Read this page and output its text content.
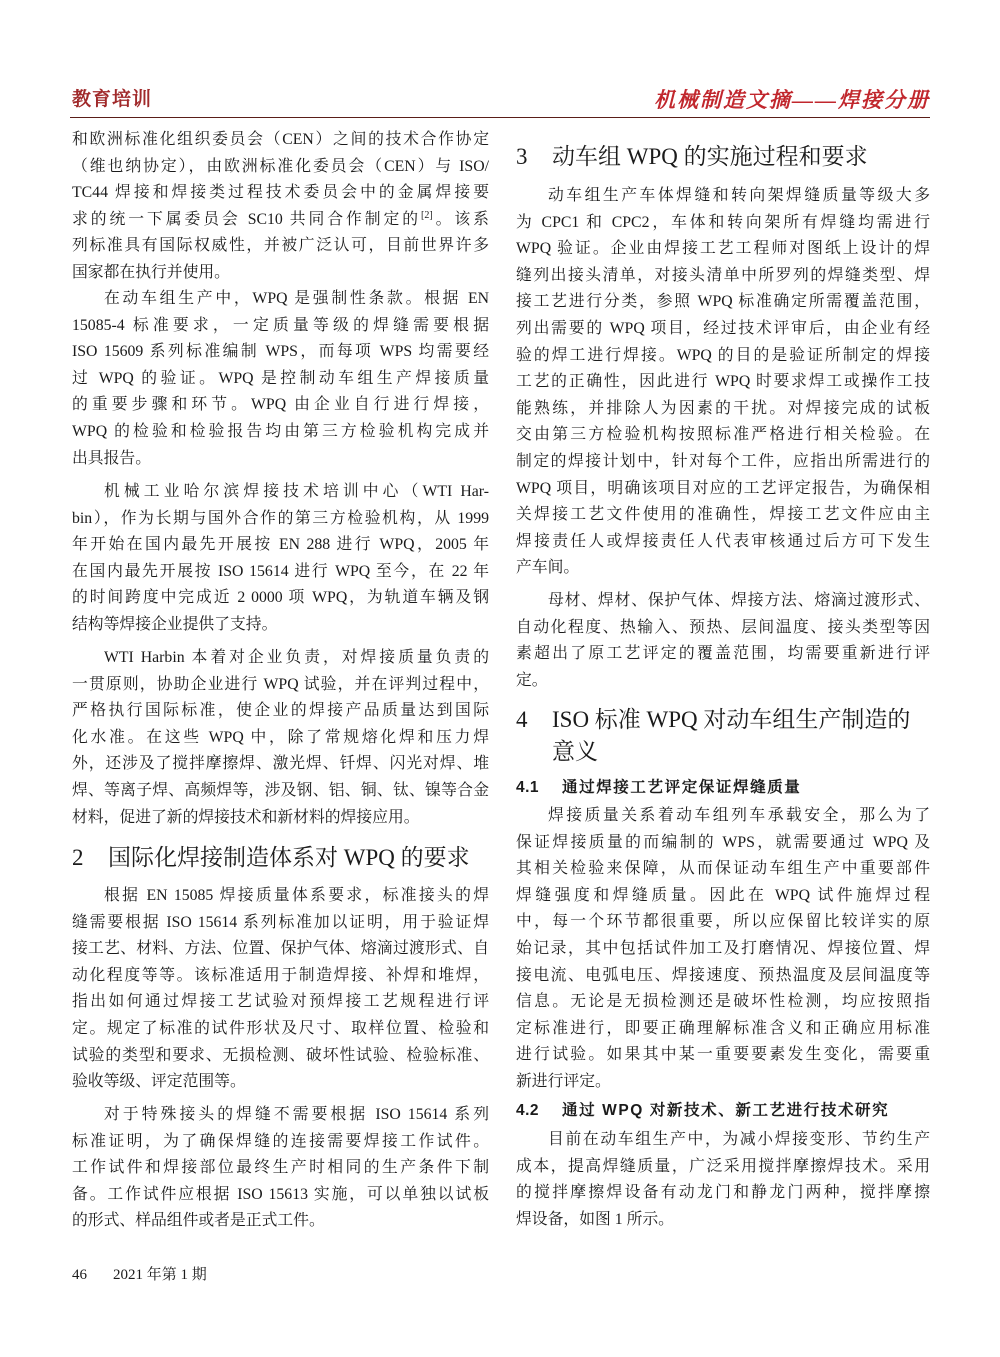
教育培训	机械制造文摘——焊接分册
和欧洲标准化组织委员会（CEN）之间的技术合作协定
（维也纳协定），由欧洲标准化委员会（CEN）与 ISO/
TC44 焊接和焊接类过程技术委员会中的金属焊接要
求的统一下属委员会 SC10 共同合作制定的[2]。该系
列标准具有国际权威性，并被广泛认可，目前世界许多
国家都在执行并使用。
在动车组生产中，WPQ 是强制性条款。根据 EN
15085-4 标准要求，一定质量等级的焊缝需要根据
ISO 15609 系列标准编制 WPS，而每项 WPS 均需要经
过 WPQ 的验证。WPQ 是控制动车组生产焊接质量
的重要步骤和环节。WPQ 由企业自行进行焊接，
WPQ 的检验和检验报告均由第三方检验机构完成并
出具报告。
机械工业哈尔滨焊接技术培训中心（WTI Har-
bin），作为长期与国外合作的第三方检验机构，从 1999
年开始在国内最先开展按 EN 288 进行 WPQ，2005 年
在国内最先开展按 ISO 15614 进行 WPQ 至今，在 22 年
的时间跨度中完成近 2 0000 项 WPQ，为轨道车辆及钢
结构等焊接企业提供了支持。
WTI Harbin 本着对企业负责，对焊接质量负责的
一贯原则，协助企业进行 WPQ 试验，并在评判过程中，
严格执行国际标准，使企业的焊接产品质量达到国际
化水准。在这些 WPQ 中，除了常规熔化焊和压力焊
外，还涉及了搅拌摩擦焊、激光焊、钎焊、闪光对焊、堆
焊、等离子焊、高频焊等，涉及钢、铝、铜、钛、镍等合金
材料，促进了新的焊接技术和新材料的焊接应用。
2	国际化焊接制造体系对 WPQ 的要求
根据 EN 15085 焊接质量体系要求，标准接头的焊
缝需要根据 ISO 15614 系列标准加以证明，用于验证焊
接工艺、材料、方法、位置、保护气体、熔滴过渡形式、自
动化程度等等。该标准适用于制造焊接、补焊和堆焊，
指出如何通过焊接工艺试验对预焊接工艺规程进行评
定。规定了标准的试件形状及尺寸、取样位置、检验和
试验的类型和要求、无损检测、破坏性试验、检验标准、
验收等级、评定范围等。
对于特殊接头的焊缝不需要根据 ISO 15614 系列
标准证明，为了确保焊缝的连接需要焊接工作试件。
工作试件和焊接部位最终生产时相同的生产条件下制
备。工作试件应根据 ISO 15613 实施，可以单独以试板
的形式、样品组件或者是正式工件。
3	动车组 WPQ 的实施过程和要求
动车组生产车体焊缝和转向架焊缝质量等级大多
为 CPC1 和 CPC2，车体和转向架所有焊缝均需进行
WPQ 验证。企业由焊接工艺工程师对图纸上设计的焊
缝列出接头清单，对接头清单中所罗列的焊缝类型、焊
接工艺进行分类，参照 WPQ 标准确定所需覆盖范围，
列出需要的 WPQ 项目，经过技术评审后，由企业有经
验的焊工进行焊接。WPQ 的目的是验证所制定的焊接
工艺的正确性，因此进行 WPQ 时要求焊工或操作工技
能熟练，并排除人为因素的干扰。对焊接完成的试板
交由第三方检验机构按照标准严格进行相关检验。在
制定的焊接计划中，针对每个工件，应指出所需进行的
WPQ 项目，明确该项目对应的工艺评定报告，为确保相
关焊接工艺文件使用的准确性，焊接工艺文件应由主
焊接责任人或焊接责任人代表审核通过后方可下发生
产车间。
母材、焊材、保护气体、焊接方法、熔滴过渡形式、
自动化程度、热输入、预热、层间温度、接头类型等因
素超出了原工艺评定的覆盖范围，均需要重新进行评
定。
4	ISO 标准 WPQ 对动车组生产制造的
意义
4.1	通过焊接工艺评定保证焊缝质量
焊接质量关系着动车组列车承载安全，那么为了
保证焊接质量的而编制的 WPS，就需要通过 WPQ 及
其相关检验来保障，从而保证动车组生产中重要部件
焊缝强度和焊缝质量。因此在 WPQ 试件施焊过程
中，每一个环节都很重要，所以应保留比较详实的原
始记录，其中包括试件加工及打磨情况、焊接位置、焊
接电流、电弧电压、焊接速度、预热温度及层间温度等
信息。无论是无损检测还是破坏性检测，均应按照指
定标准进行，即要正确理解标准含义和正确应用标准
进行试验。如果其中某一重要要素发生变化，需要重
新进行评定。
4.2	通过 WPQ 对新技术、新工艺进行技术研究
目前在动车组生产中，为减小焊接变形、节约生产
成本，提高焊缝质量，广泛采用搅拌摩擦焊技术。采用
的搅拌摩擦焊设备有动龙门和静龙门两种，搅拌摩擦
焊设备，如图 1 所示。
46 2021 年第 1 期
